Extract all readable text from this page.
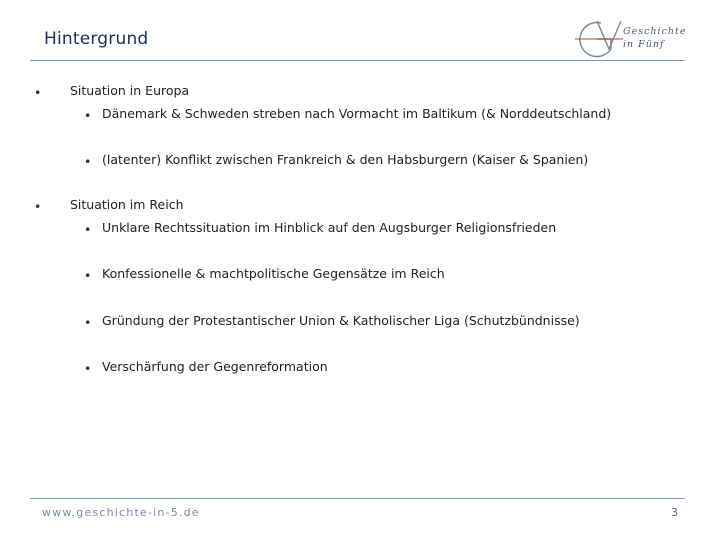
Hintergrund	Geschichte
in Fünf
• Situation in Europa
• Dänemark & Schweden streben nach Vormacht im Baltikum (& Norddeutschland)
• (latenter) Konflikt zwischen Frankreich & den Habsburgern (Kaiser & Spanien)
• Situation im Reich
• Unklare Rechtssituation im Hinblick auf den Augsburger Religionsfrieden
• Konfessionelle & machtpolitische Gegensätze im Reich
• Gründung der Protestantischer Union & Katholischer Liga (Schutzbündnisse)
• Verschärfung der Gegenreformation
www.geschichte-in-5.de	3
